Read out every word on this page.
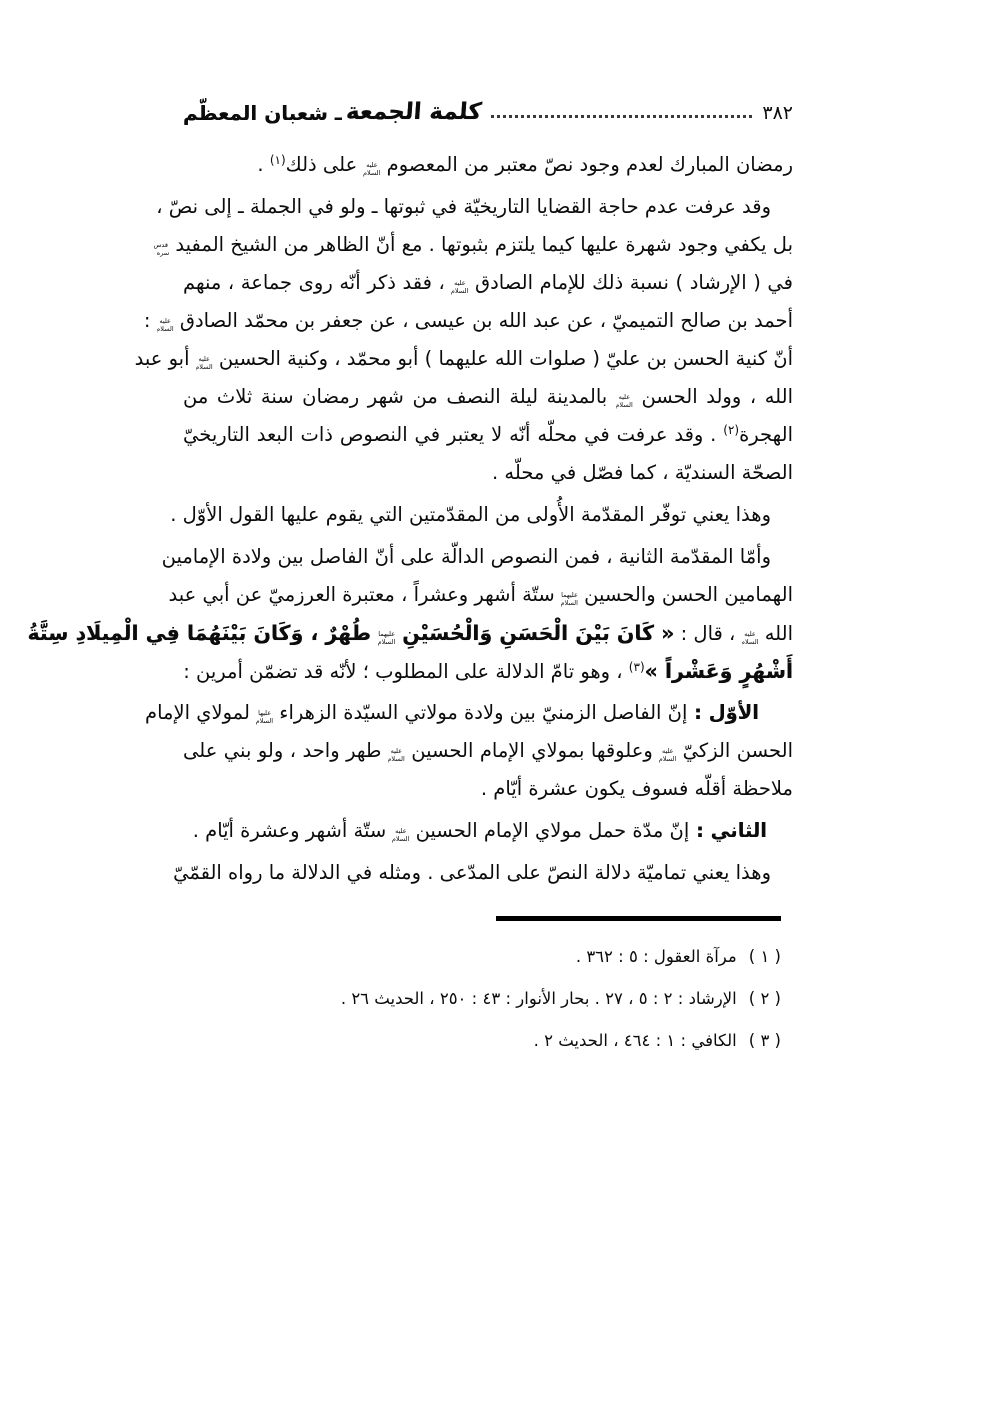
٣٨٢
كلمة الجمعة
ـ شعبان المعظّم
رمضان المبارك لعدم وجود نصّ معتبر من المعصوم عليه السلام على ذلك(١) .
وقد عرفت عدم حاجة القضايا التاريخيّة في ثبوتها ـ ولو في الجملة ـ إلى نصّ ،
بل يكفي وجود شهرة عليها كيما يلتزم بثبوتها . مع أنّ الظاهر من الشيخ المفيد قدس سره
في ( الإرشاد ) نسبة ذلك للإمام الصادق عليه السلام ، فقد ذكر أنّه روى جماعة ، منهم
أحمد بن صالح التميميّ ، عن عبد الله بن عيسى ، عن جعفر بن محمّد الصادق عليه السلام :
أنّ كنية الحسن بن عليّ ( صلوات الله عليهما ) أبو محمّد ، وكنية الحسين عليه السلام أبو عبد
الله ، وولد الحسن عليه السلام بالمدينة ليلة النصف من شهر رمضان سنة ثلاث من
الهجرة(٢) . وقد عرفت في محلّه أنّه لا يعتبر في النصوص ذات البعد التاريخيّ
الصحّة السنديّة ، كما فصّل في محلّه .
وهذا يعني توفّر المقدّمة الأُولى من المقدّمتين التي يقوم عليها القول الأوّل .
وأمّا المقدّمة الثانية ، فمن النصوص الدالّة على أنّ الفاصل بين ولادة الإمامين
الهمامين الحسن والحسين عليهما السلام ستّة أشهر وعشراً ، معتبرة العرزميّ عن أبي عبد
الله عليه السلام ، قال : « كَانَ بَيْنَ الْحَسَنِ وَالْحُسَيْنِ عليهما السلام طُهْرٌ ، وَكَانَ بَيْنَهُمَا فِي الْمِيلَادِ سِتَّةُ
أَشْهُرٍ وَعَشْراً »(٣) ، وهو تامّ الدلالة على المطلوب ؛ لأنّه قد تضمّن أمرين :
الأوّل : إنّ الفاصل الزمنيّ بين ولادة مولاتي السيّدة الزهراء عليها السلام لمولاي الإمام
الحسن الزكيّ عليه السلام وعلوقها بمولاي الإمام الحسين عليه السلام طهر واحد ، ولو بني على
ملاحظة أقلّه فسوف يكون عشرة أيّام .
الثاني : إنّ مدّة حمل مولاي الإمام الحسين عليه السلام ستّة أشهر وعشرة أيّام .
وهذا يعني تماميّة دلالة النصّ على المدّعى . ومثله في الدلالة ما رواه القمّيّ
( ١ )مرآة العقول : ٥ : ٣٦٢ .
( ٢ )الإرشاد : ٢ : ٥ ، ٢٧ . بحار الأنوار : ٤٣ : ٢٥٠ ، الحديث ٢٦ .
( ٣ )الكافي : ١ : ٤٦٤ ، الحديث ٢ .
